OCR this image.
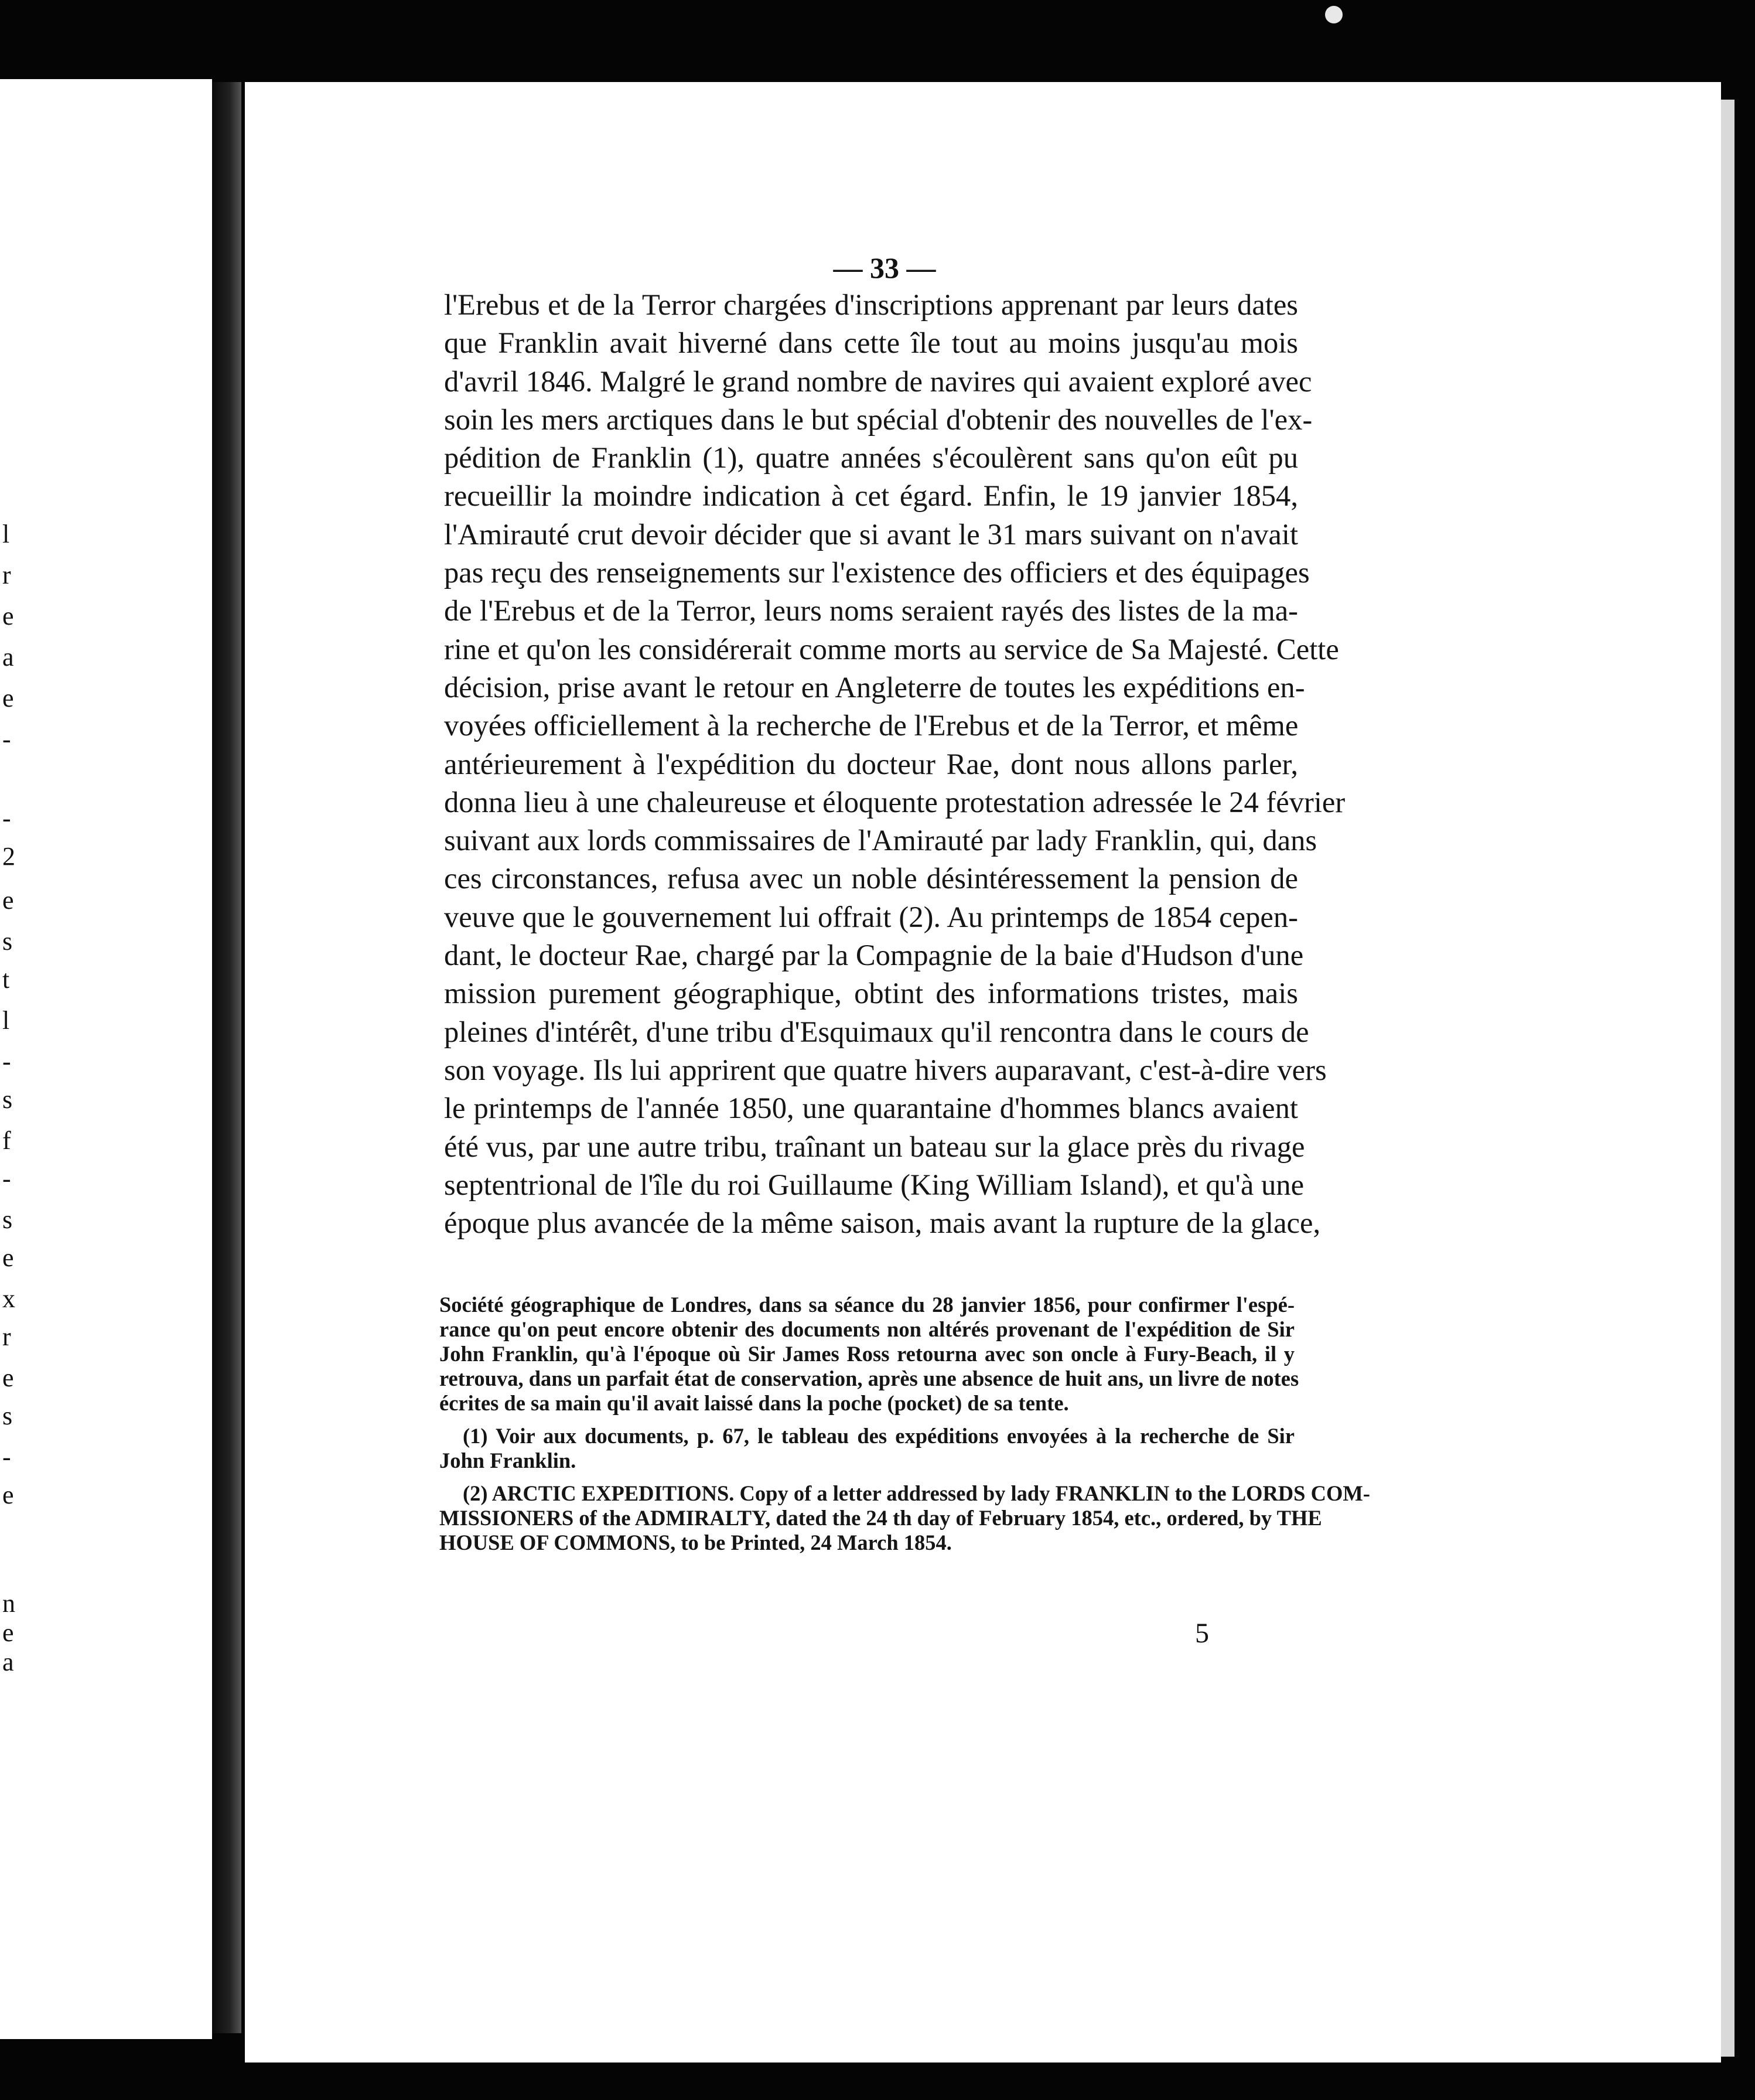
l
r
e
a
e
-
-
2
e
s
t
l
-
s
f
-
s
e
x
r
e
s
-
e
n
e
a
— 33 —
l'Erebus et de la Terror chargées d'inscriptions apprenant par leurs dates
que Franklin avait hiverné dans cette île tout au moins jusqu'au mois
d'avril 1846. Malgré le grand nombre de navires qui avaient exploré avec
soin les mers arctiques dans le but spécial d'obtenir des nouvelles de l'ex-
pédition de Franklin (1), quatre années s'écoulèrent sans qu'on eût pu
recueillir la moindre indication à cet égard. Enfin, le 19 janvier 1854,
l'Amirauté crut devoir décider que si avant le 31 mars suivant on n'avait
pas reçu des renseignements sur l'existence des officiers et des équipages
de l'Erebus et de la Terror, leurs noms seraient rayés des listes de la ma-
rine et qu'on les considérerait comme morts au service de Sa Majesté. Cette
décision, prise avant le retour en Angleterre de toutes les expéditions en-
voyées officiellement à la recherche de l'Erebus et de la Terror, et même
antérieurement à l'expédition du docteur Rae, dont nous allons parler,
donna lieu à une chaleureuse et éloquente protestation adressée le 24 février
suivant aux lords commissaires de l'Amirauté par lady Franklin, qui, dans
ces circonstances, refusa avec un noble désintéressement la pension de
veuve que le gouvernement lui offrait (2). Au printemps de 1854 cepen-
dant, le docteur Rae, chargé par la Compagnie de la baie d'Hudson d'une
mission purement géographique, obtint des informations tristes, mais
pleines d'intérêt, d'une tribu d'Esquimaux qu'il rencontra dans le cours de
son voyage. Ils lui apprirent que quatre hivers auparavant, c'est-à-dire vers
le printemps de l'année 1850, une quarantaine d'hommes blancs avaient
été vus, par une autre tribu, traînant un bateau sur la glace près du rivage
septentrional de l'île du roi Guillaume (King William Island), et qu'à une
époque plus avancée de la même saison, mais avant la rupture de la glace,
Société géographique de Londres, dans sa séance du 28 janvier 1856, pour confirmer l'espé-
rance qu'on peut encore obtenir des documents non altérés provenant de l'expédition de Sir
John Franklin, qu'à l'époque où Sir James Ross retourna avec son oncle à Fury-Beach, il y
retrouva, dans un parfait état de conservation, après une absence de huit ans, un livre de notes
écrites de sa main qu'il avait laissé dans la poche (pocket) de sa tente.
(1) Voir aux documents, p. 67, le tableau des expéditions envoyées à la recherche de Sir
John Franklin.
(2) ARCTIC EXPEDITIONS. Copy of a letter addressed by lady FRANKLIN to the LORDS COM-
MISSIONERS of the ADMIRALTY, dated the 24 th day of February 1854, etc., ordered, by THE
HOUSE OF COMMONS, to be Printed, 24 March 1854.
5
